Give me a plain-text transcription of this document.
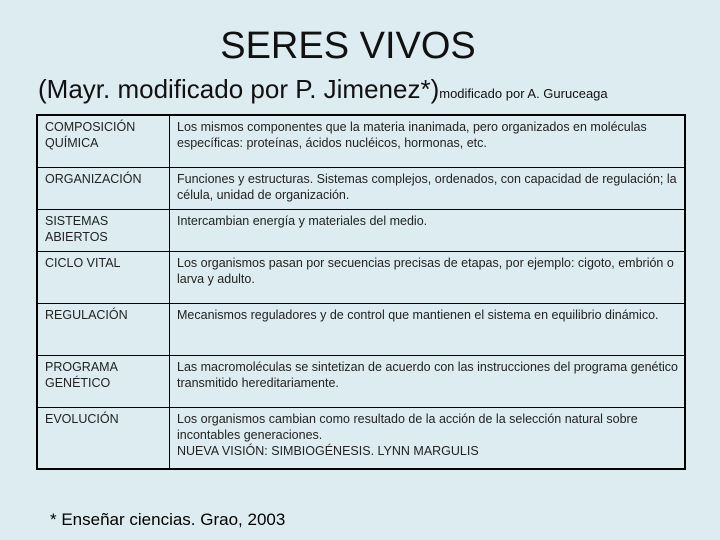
SERES VIVOS
(Mayr. modificado por P. Jimenez*)modificado por A. Guruceaga
COMPOSICIÓN QUÍMICA	Los mismos componentes que la materia inanimada, pero organizados en moléculas específicas: proteínas, ácidos nucléicos, hormonas, etc.
ORGANIZACIÓN	Funciones y estructuras. Sistemas complejos, ordenados, con capacidad de regulación; la célula, unidad de organización.
SISTEMAS ABIERTOS	Intercambian energía y materiales del medio.
CICLO VITAL	Los organismos pasan por secuencias precisas de etapas, por ejemplo: cigoto, embrión o larva y adulto.
REGULACIÓN	Mecanismos reguladores y de control que mantienen el sistema en equilibrio dinámico.
PROGRAMA GENÉTICO	Las macromoléculas se sintetizan de acuerdo con las instrucciones del programa genético transmitido hereditariamente.
EVOLUCIÓN	Los organismos cambian como resultado de la acción de la selección natural sobre incontables generaciones.
NUEVA VISIÓN: SIMBIOGÉNESIS. LYNN MARGULIS
* Enseñar ciencias. Grao, 2003
